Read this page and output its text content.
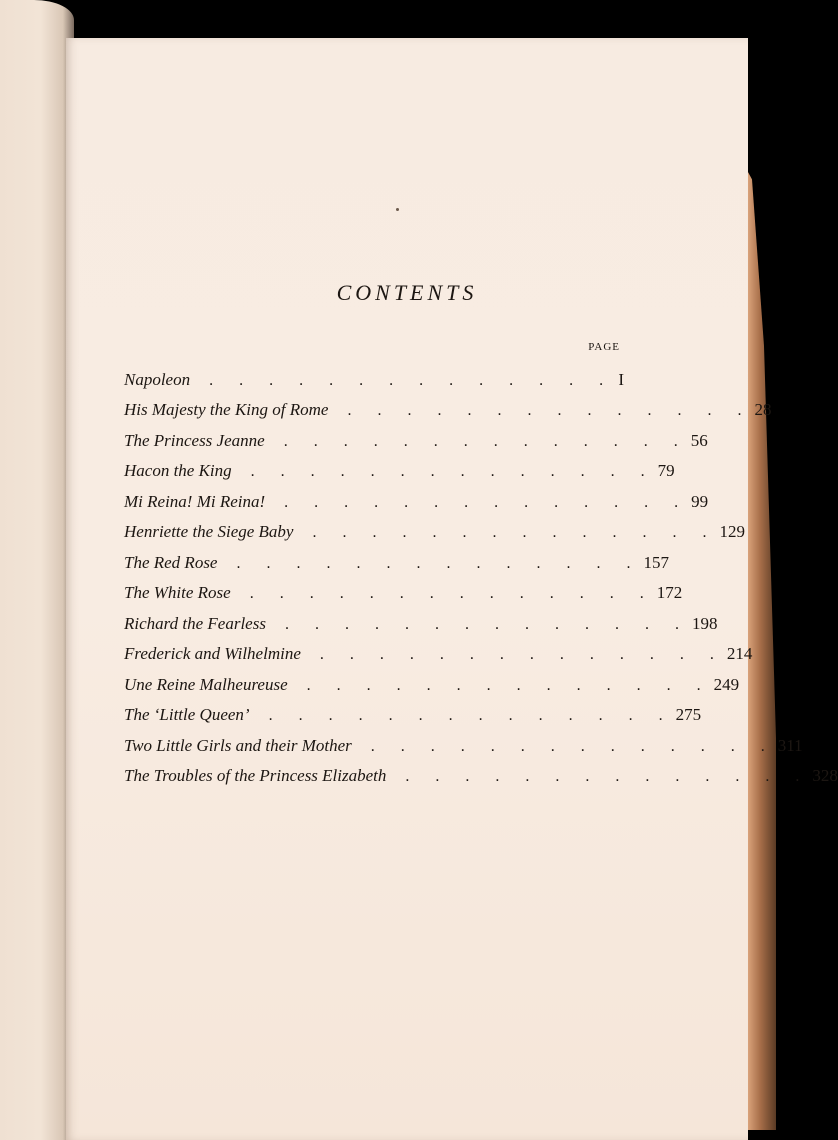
CONTENTS
PAGE
Napoleon	..............	I
His Majesty the King of Rome	..............	28
The Princess Jeanne	..............	56
Hacon the King	..............	79
Mi Reina! Mi Reina!	..............	99
Henriette the Siege Baby	..............	129
The Red Rose	..............	157
The White Rose	..............	172
Richard the Fearless	..............	198
Frederick and Wilhelmine	..............	214
Une Reine Malheureuse	..............	249
The ‘Little Queen’	..............	275
Two Little Girls and their Mother	..............	311
The Troubles of the Princess Elizabeth	..............	328
